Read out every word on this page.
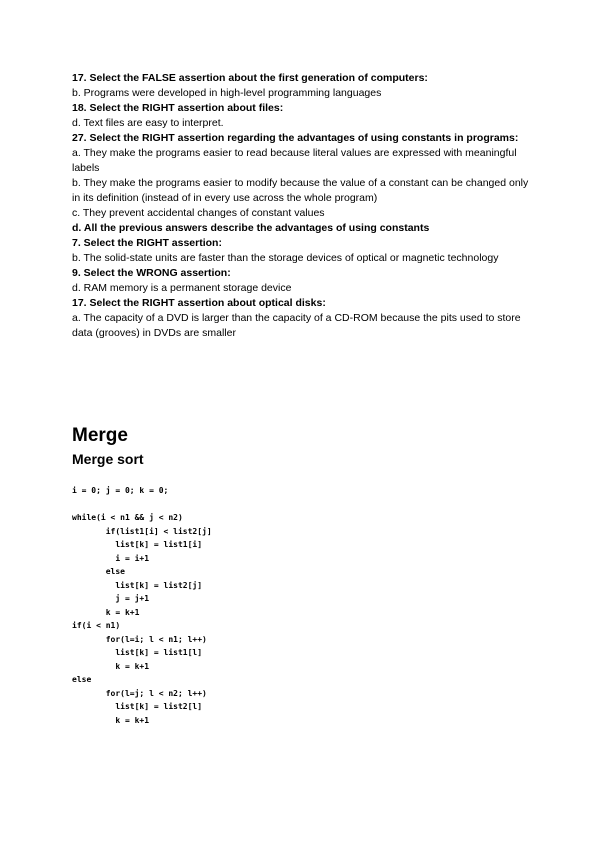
17. Select the FALSE assertion about the first generation of computers:

b. Programs were developed in high-level programming languages

18. Select the RIGHT assertion about files:

d. Text files are easy to interpret.

27. Select the RIGHT assertion regarding the advantages of using constants in programs:

a. They make the programs easier to read because literal values are expressed with meaningful labels

b. They make the programs easier to modify because the value of a constant can be changed only in its definition (instead of in every use across the whole program)

c. They prevent accidental changes of constant values

d. All the previous answers describe the advantages of using constants

7. Select the RIGHT assertion:

b. The solid-state units are faster than the storage devices of optical or magnetic technology

9. Select the WRONG assertion:

d. RAM memory is a permanent storage device

17. Select the RIGHT assertion about optical disks:

a. The capacity of a DVD is larger than the capacity of a CD-ROM because the pits used to store data (grooves) in DVDs are smaller

Merge
Merge sort
i = 0; j = 0; k = 0;
while(i < n1 && j < n2)
if(list1[i] < list2[j]
list[k] = list1[i]
i = i+1
else
list[k] = list2[j]
j = j+1
k = k+1
if(i < n1)
for(l=i; l < n1; l++)
list[k] = list1[l]
k = k+1
else
for(l=j; l < n2; l++)
list[k] = list2[l]
k = k+1
